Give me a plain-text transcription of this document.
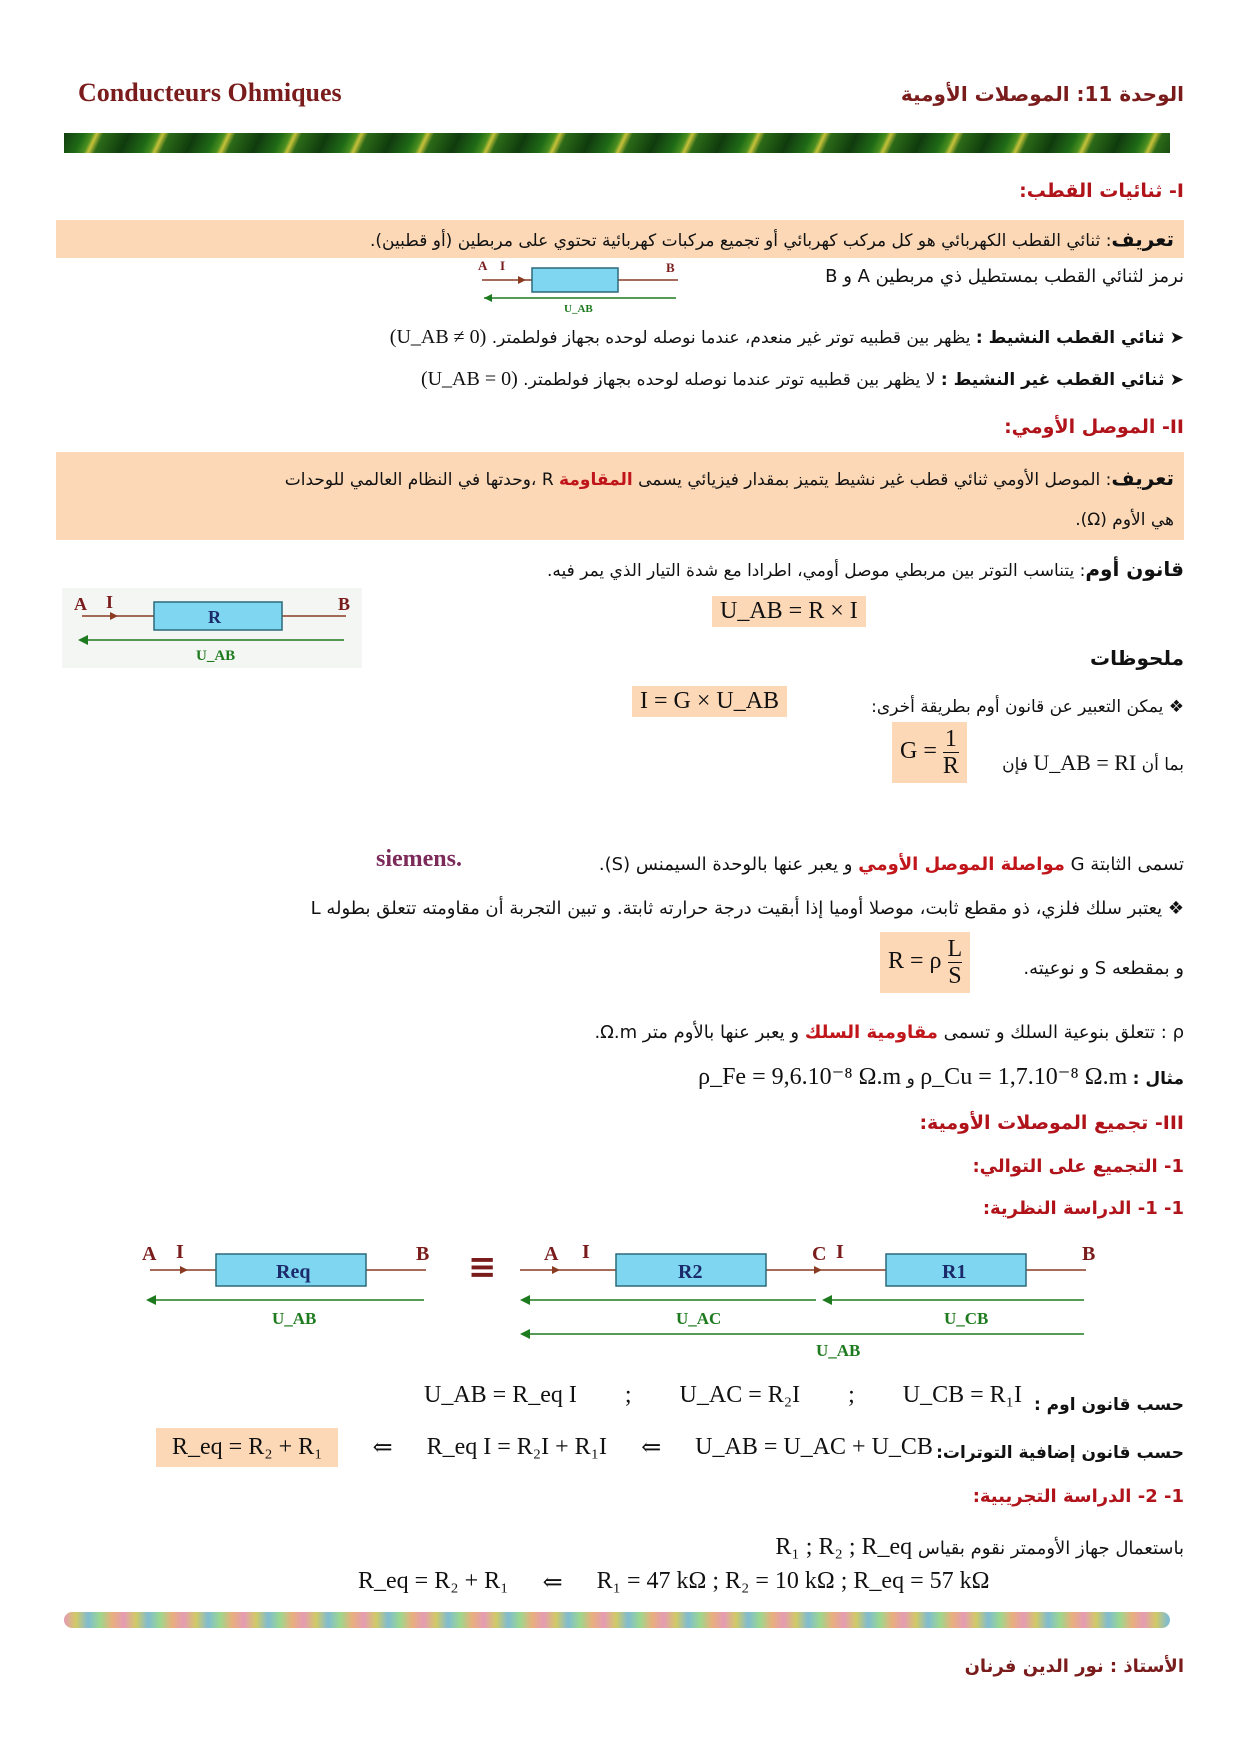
Conducteurs Ohmiques	الوحدة 11: الموصلات الأومية
I- ثنائيات القطب:
تعريف: ثنائي القطب الكهربائي هو كل مركب كهربائي أو تجميع مركبات كهربائية تحتوي على مربطين (أو قطبين).
نرمز لثنائي القطب بمستطيل ذي مربطين A و B
A I	B
U_AB
➤ ثنائي القطب النشيط : يظهر بين قطبيه توتر غير منعدم، عندما نوصله لوحده بجهاز فولطمتر. (U_AB ≠ 0)
➤ ثنائي القطب غير النشيط : لا يظهر بين قطبيه توتر عندما نوصله لوحده بجهاز فولطمتر. (U_AB = 0)
II- الموصل الأومي:
تعريف: الموصل الأومي ثنائي قطب غير نشيط يتميز بمقدار فيزيائي يسمى المقاومة R ،وحدتها في النظام العالمي للوحدات
هي الأوم (Ω).
قانون أوم: يتناسب التوتر بين مربطي موصل أومي، اطرادا مع شدة التيار الذي يمر فيه.
A I
R
B
U_AB
U_AB = R × I
ملحوظات
❖ يمكن التعبير عن قانون أوم بطريقة أخرى:
I = G × U_AB
بما أن U_AB = RI فإن
$G = \frac{1}{R}$
تسمى الثابتة G مواصلة الموصل الأومي و يعبر عنها بالوحدة السيمنس (S).
siemens.
❖ يعتبر سلك فلزي، ذو مقطع ثابت، موصلا أوميا إذا أبقيت درجة حرارته ثابتة. و تبين التجربة أن مقاومته تتعلق بطوله L
و بمقطعه S و نوعيته.
R = ρ $\frac{L}{S}$
ρ : تتعلق بنوعية السلك و تسمى مقاومية السلك و يعبر عنها بالأوم متر Ω.m.
مثال : ρ_Cu = 1,7.10⁻⁸ Ω.m و ρ_Fe = 9,6.10⁻⁸ Ω.m
III- تجميع الموصلات الأومية:
1- التجميع على التوالي:
1- 1- الدراسة النظرية:
A I
Req
B
U_AB
≡ A I
R2
C I
R1
B
U_AC	U_CB
U_AB
حسب قانون اوم :
U_AB = R_eq I ; U_AC = R₂I ; U_CB = R₁I
حسب قانون إضافية التوترات:
R_eq = R₂ + R₁	⇐ R_eq I = R₂I + R₁I ⇐ U_AB = U_AC + U_CB
1- 2- الدراسة التجريبية:
باستعمال جهاز الأوممتر نقوم بقياس R₁ ; R₂ ; R_eq
R_eq = R₂ + R₁ ⇐ R₁ = 47 kΩ ; R₂ = 10 kΩ ; R_eq = 57 kΩ
الأستاذ : نور الدين فرنان
